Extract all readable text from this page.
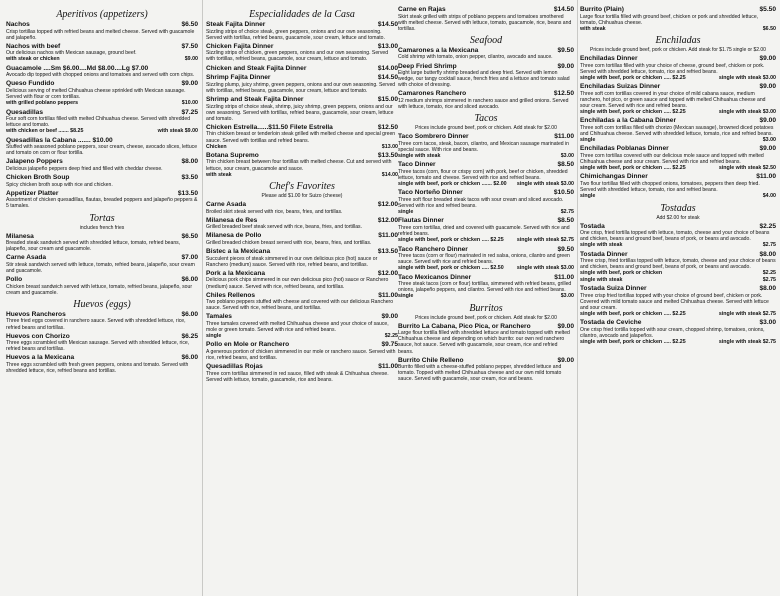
Aperitivos (appetizers)
Nachos	$6.50
Crisp tortillas topped with refried beans and melted cheese. Served with guacamole and jalapeño.
Nachos with beef	$7.50
Our delicious nachos with Mexican sausage, ground beef.
with steak or chicken	$9.00
Guacamole ....Sm $6.00....Md $8.00....Lg $7.00
Avocado dip topped with chopped onions and tomatoes and served with corn chips.
Queso Fundido	$9.00
Delicious serving of melted Chihuahua cheese sprinkled with Mexican sausage. Served with flour or corn tortillas.
with grilled poblano peppers	$10.00
Quesadillas	$7.25
Four soft corn tortillas filled with melted Chihuahua cheese. Served with shredded lettuce and tomato.
with chicken or beef ....... $8.25	with steak $9.00
Quesadillas la Cabana ....... $10.00
Stuffed with seasoned poblano peppers, sour cream, cheese, avocado slices, lettuce and tomato on corn or flour tortilla.
Jalapeno Poppers	$8.00
Delicious jalapeño peppers deep fried and filled with cheddar cheese.
Chicken Broth Soup	$3.50
Spicy chicken broth soup with rice and chicken.
Appetizer Platter	$13.50
Assortment of chicken quesadillas, flautas, breaded poppers and jalapeño peppers & 5 tamales.
Tortas
includes french fries
Milanesa	$6.50
Breaded steak sandwich served with shredded lettuce, tomato, refried beans, jalapeño, sour cream and guacamole.
Carne Asada	$7.00
Stir steak sandwich served with lettuce, tomato, refried beans, jalapeño, sour cream and guacamole.
Pollo	$6.00
Chicken breast sandwich served with lettuce, tomato, refried beans, jalapeño, sour cream and guacamole.
Huevos (eggs)
Huevos Rancheros	$6.00
Three fried eggs covered in ranchero sauce. Served with shredded lettuce, rice, refried beans and tortillas.
Huevos con Chorizo	$6.25
Three eggs scrambled with Mexican sausage. Served with shredded lettuce, rice, refried beans and tortillas.
Huevos a la Mexicana	$6.00
Three eggs scrambled with fresh green peppers, onions and tomato. Served with shredded lettuce, rice, refried beans and tortillas.
Especialidades de la Casa
Steak Fajita Dinner	$14.50
Sizzling strips of choice steak, green peppers, onions and our own seasoning. Served with tortillas, refried beans, guacamole, sour cream, lettuce and tomato.
Chicken Fajita Dinner	$13.00
Sizzling strips of chicken, green peppers, onions and our own seasoning. Served with tortillas, refried beans, guacamole, sour cream, lettuce and tomato.
Chicken and Steak Fajita Dinner	$14.00
Shrimp Fajita Dinner	$14.50
Sizzling plump, juicy shrimp, green peppers, onions and our own seasoning. Served with tortillas, refried beans, guacamole, sour cream, lettuce and tomato.
Shrimp and Steak Fajita Dinner	$15.00
Sizzling strips of choice steak, shrimp, juicy shrimp, green peppers, onions and our own seasoning. Served with tortillas, refried beans, guacamole, sour cream, lettuce and tomato.
Chicken Estrella......$11.50 Filete Estrella	$12.50
Thin chicken breast or tenderloin steak grilled with melted cheese and special green sauce. Served with tortillas and refried beans.
Chicken	$13.00
Botana Supremo	$13.50
Thin chicken breast between four tortillas with melted cheese. Cut and served with lettuce, sour cream, guacamole and sauce.
with steak	$14.00
Chef's Favorites
Please add $1.00 for Suizo (cheese)
Carne Asada	$12.00
Broiled skirt steak served with rice, beans, fries, and tortillas.
Milanesa de Res	$12.00
Grilled breaded beef steak served with rice, beans, fries, and tortillas.
Milanesa de Pollo	$11.00
Grilled breaded chicken breast served with rice, beans, fries, and tortillas.
Bistec a la Mexicana	$13.50
Succulent pieces of steak simmered in our own delicious pico (hot) sauce or Ranchero (medium) sauce. Served with rice, refried beans, and tortillas.
Pork a la Mexicana	$12.00
Delicious pork chips simmered in our own delicious pico (hot) sauce or Ranchero (medium) sauce. Served with rice, refried beans, and tortillas.
Chiles Rellenos	$11.00
Two poblano peppers stuffed with cheese and covered with our delicious Ranchero sauce. Served with rice, refried beans, and tortillas.
Tamales	$9.00
Three tamales covered with melted Chihuahua cheese and your choice of sauce, mole or green tomato. Served with rice and refried beans.
single	$2.25
Pollo en Mole or Ranchero	$9.75
A generous portion of chicken simmered in our mole or ranchero sauce. Served with rice, refried beans, and tortillas.
Quesadillas Rojas	$11.00
Three corn tortillas simmered in red sauce, filled with steak & Chihuahua cheese. Served with lettuce, tomato, guacamole, rice and beans.
Carne en Rajas	$14.50
Skirt steak grilled with strips of poblano peppers and tomatoes smothered with melted cheese. Served with lettuce, tomato, guacamole, rice, beans and tortillas.
Seafood
Camarones a la Mexicana	$9.50
Cold shrimp with tomato, onion pepper, cilantro, avocado and sauce.
Deep Fried Shrimp	$9.00
Eight large butterfly shrimp breaded and deep fried. Served with lemon wedge, our tangy cocktail sauce, french fries and a lettuce and tomato salad with choice of dressing.
Camarones Ranchero	$12.50
12 medium shrimps simmered in ranchero sauce and grilled onions. Served with lettuce, tomato, rice and sliced avocado.
Tacos
Prices include ground beef, pork or chicken. Add steak for $2.00
Taco Sombrero Dinner	$11.00
Three corn tacos, steak, bacon, cilantro, and Mexican sausage marinated in special sauce. With rice and beans.
single with steak	$3.00
Taco Dinner	$8.50
Three tacos (corn, flour or crispy corn) with pork, beef or chicken, shredded lettuce, tomato and cheese. Served with rice and refried beans.
single with beef, pork or chicken ....... $2.00	single with steak $3.00
Taco Norteño Dinner	$10.50
Three soft flour breaded steak tacos with sour cream and sliced avocado. Served with rice and refried beans.
single	$2.75
Flautas Dinner	$8.50
Three corn tortillas, dried and covered with guacamole. Served with rice and refried beans.
single with beef, pork or chicken ..... $2.25	single with steak $2.75
Taco Ranchero Dinner	$9.50
Three tacos (corn or flour) marinated in red salsa, onions, cilantro and green sauce. Served with rice and refried beans.
single with beef, pork or chicken ..... $2.50	single with steak $3.00
Taco Mexicanos Dinner	$11.00
Three steak tacos (corn or flour) tortillas, simmered with refried beans, grilled onions, jalapeño peppers, and cilantro. Served with rice and refried beans.
single	$3.00
Burritos
Prices include ground beef, pork or chicken. Add steak for $2.00
Burrito La Cabana, Pico Pica, or Ranchero	$9.00
Large flour tortilla filled with shredded lettuce and tomato topped with melted Chihuahua cheese and depending on which burrito: our own red ranchero sauce, hot sauce. Served with guacamole, sour cream, rice and refried beans.
Burrito Chile Relleno	$9.00
Burrito filled with a cheese-stuffed poblano pepper, shredded lettuce and tomato. Topped with melted Chihuahua cheese and our own mild tomato sauce. Served with guacamole, sour cream, rice and beans.
Burrito (Plain)	$5.50
Large flour tortilla filled with ground beef, chicken or pork and shredded lettuce, tomato, Chihuahua cheese.
with steak	$6.50
Enchiladas
Prices include ground beef, pork or chicken. Add steak for $1.75 single or $2.00
Enchiladas Dinner	$9.00
Three corn tortillas filled with your choice of cheese, ground beef, chicken or pork. Served with shredded lettuce, tomato, rice and refried beans.
single with beef, pork or chicken ..... $2.25	single with steak $3.00
Enchiladas Suizas Dinner	$9.00
Three soft corn tortillas covered in your choice of mild cabana sauce, medium ranchero, hot pico, or green sauce and topped with melted Chihuahua cheese and sour cream. Served with rice and refried beans.
single with beef, pork or chicken ..... $2.25	single with steak $3.00
Enchiladas a la Cabana Dinner	$9.00
Three soft corn tortillas filled with chorizo (Mexican sausage), browned diced potatoes and Chihuahua cheese. Served with shredded lettuce, tomato, rice and refried beans.
single	$3.00
Enchiladas Poblanas Dinner	$9.00
Three corn tortillas covered with our delicious mole sauce and topped with melted Chihuahua cheese and sour cream. Served with rice and refried beans.
single with beef, pork or chicken ..... $2.25	single with steak $2.50
Chimichangas Dinner	$11.00
Two flour tortillas filled with chopped onions, tomatoes, peppers then deep fried. Served with shredded lettuce, tomato, rice and refried beans.
single	$4.00
Tostadas
Add $2.00 for steak
Tostada	$2.25
One crisp, fried tortilla topped with lettuce, tomato, cheese and your choice of beans and chicken, beans and ground beef, beans of pork, or beans and avocado.
single with steak	$2.75
Tostada Dinner	$8.00
Three crisp, fried tortillas topped with lettuce, tomato, cheese and your choice of beans and chicken, beans and ground beef, beans of pork, or beans and avocado.
single with beef, pork or chicken	$2.25
single with steak	$2.75
Tostada Suiza Dinner	$8.00
Three crisp fried tortillas topped with your choice of ground beef, chicken or pork. Covered with mild tomato sauce and melted Chihuahua cheese. Served with lettuce and sour cream.
single with beef, pork or chicken ..... $2.25	single with steak $2.75
Tostada de Ceviche	$3.00
One crisp fried tortilla topped with sour cream, chopped shrimp, tomatoes, onions, cilantro, avocado and jalapeños.
single with beef, pork or chicken ..... $2.25	single with steak $2.75
